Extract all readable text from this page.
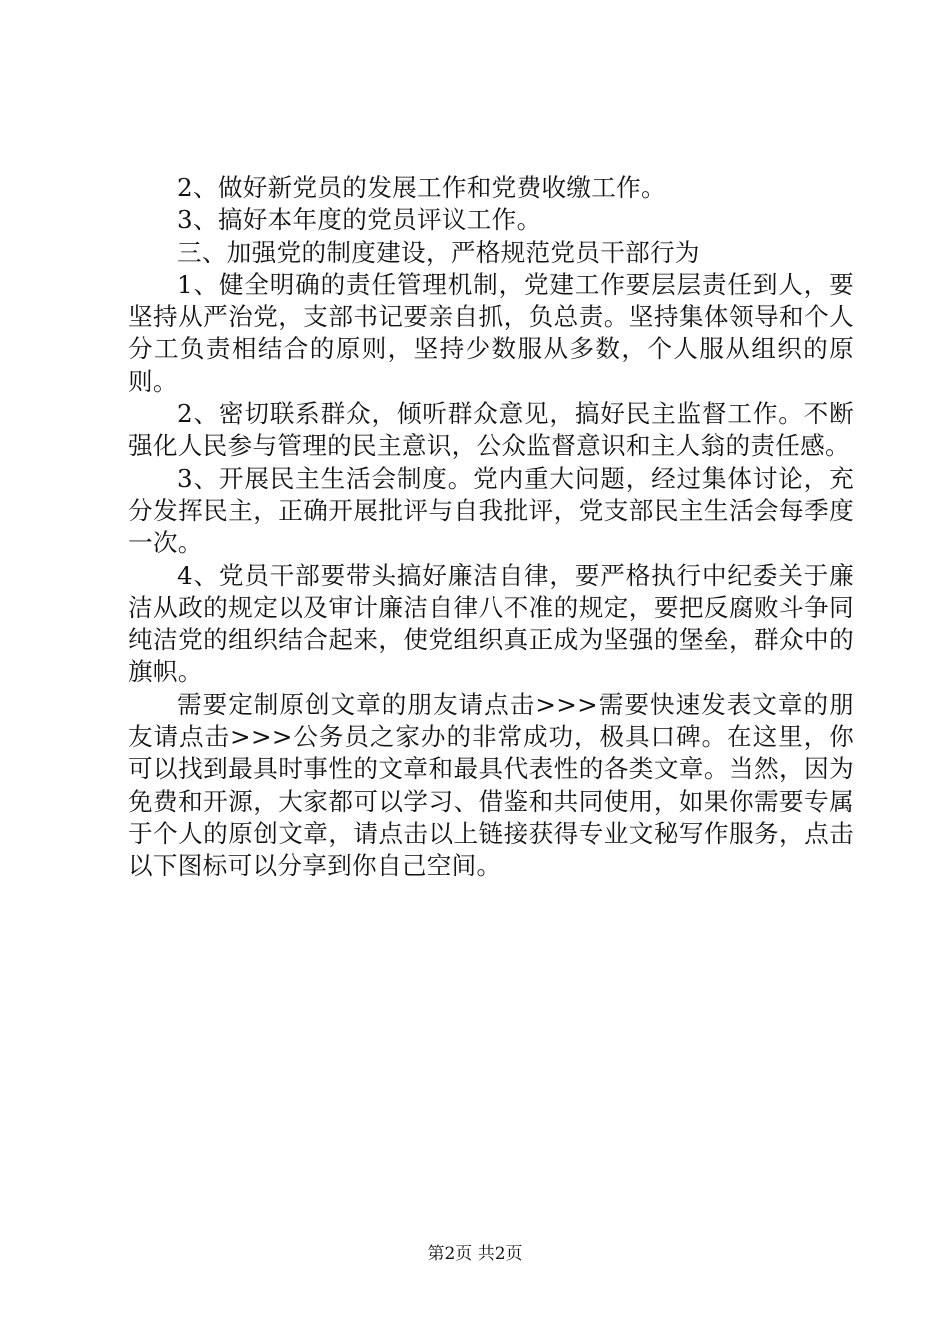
2、做好新党员的发展工作和党费收缴工作。

3、搞好本年度的党员评议工作。

三、加强党的制度建设，严格规范党员干部行为

1、健全明确的责任管理机制，党建工作要层层责任到人，要坚持从严治党，支部书记要亲自抓，负总责。坚持集体领导和个人分工负责相结合的原则，坚持少数服从多数，个人服从组织的原则。

2、密切联系群众，倾听群众意见，搞好民主监督工作。不断强化人民参与管理的民主意识，公众监督意识和主人翁的责任感。

3、开展民主生活会制度。党内重大问题，经过集体讨论，充分发挥民主，正确开展批评与自我批评，党支部民主生活会每季度一次。

4、党员干部要带头搞好廉洁自律，要严格执行中纪委关于廉洁从政的规定以及审计廉洁自律八不准的规定，要把反腐败斗争同纯洁党的组织结合起来，使党组织真正成为坚强的堡垒，群众中的旗帜。

需要定制原创文章的朋友请点击>>>需要快速发表文章的朋友请点击>>>公务员之家办的非常成功，极具口碑。在这里，你可以找到最具时事性的文章和最具代表性的各类文章。当然，因为免费和开源，大家都可以学习、借鉴和共同使用，如果你需要专属于个人的原创文章，请点击以上链接获得专业文秘写作服务，点击以下图标可以分享到你自己空间。

第2页 共2页
